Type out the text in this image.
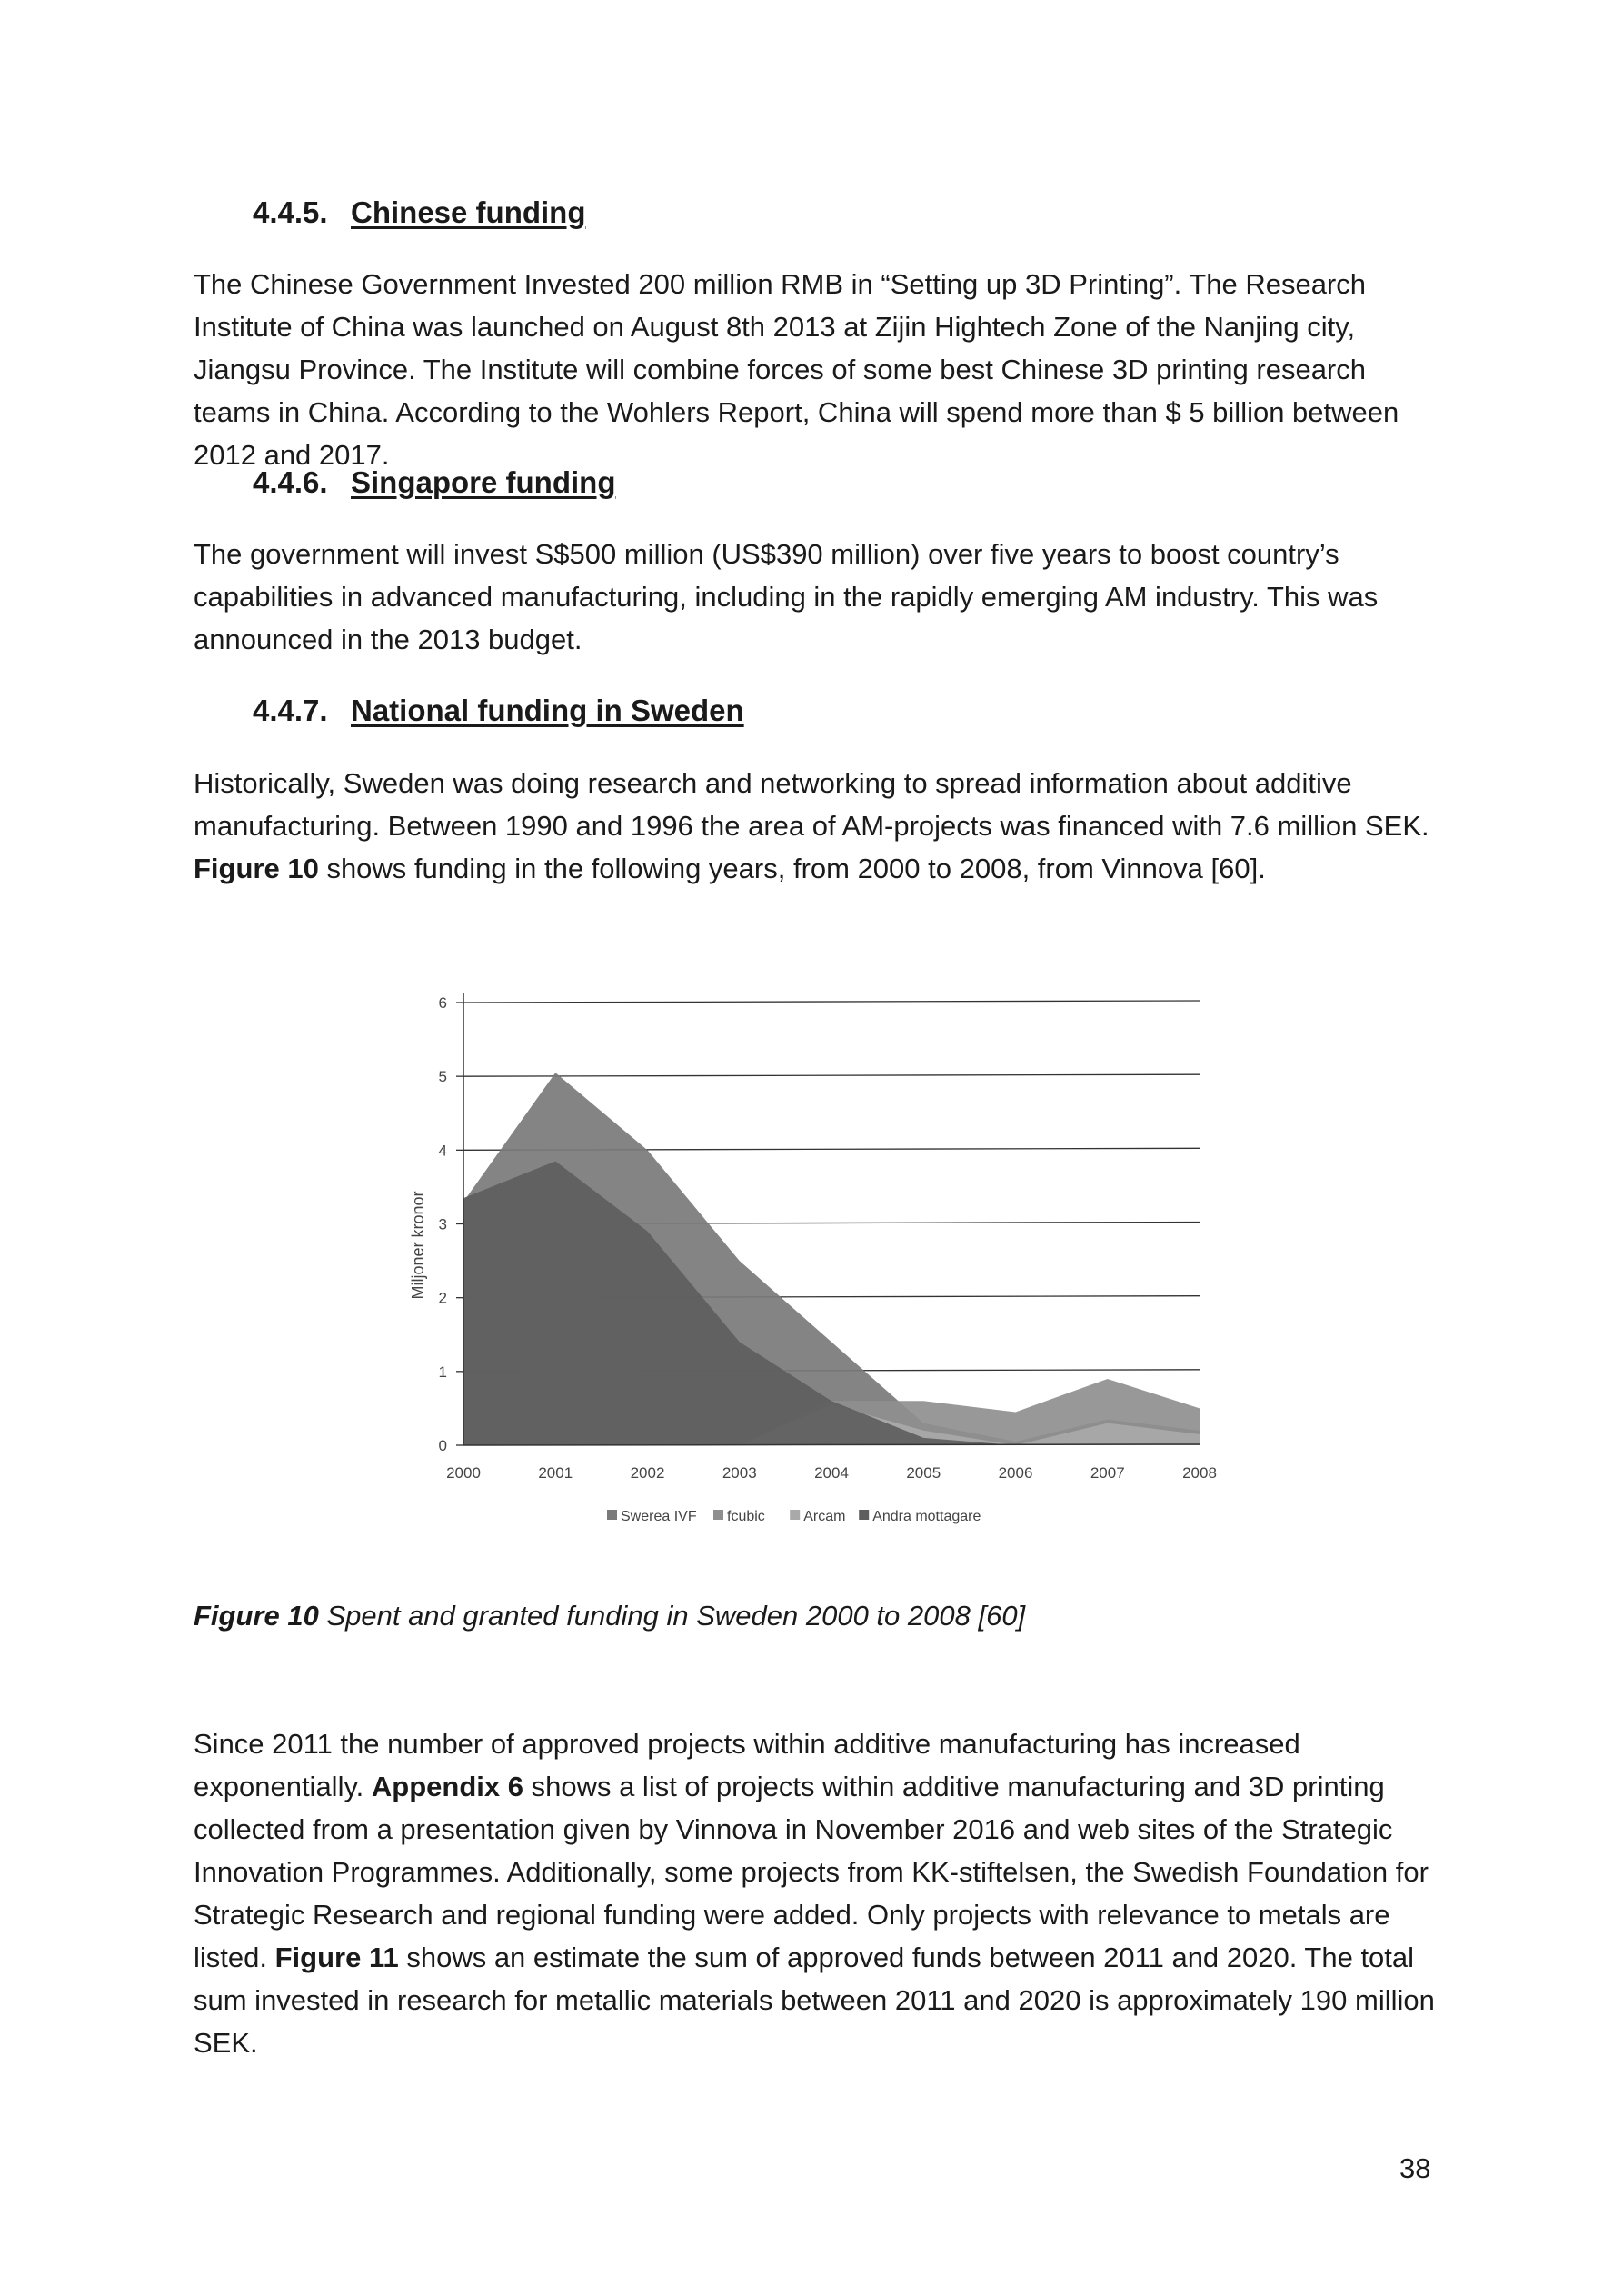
4.4.5. Chinese funding

The Chinese Government Invested 200 million RMB in “Setting up 3D Printing”. The Research Institute of China was launched on August 8th 2013 at Zijin Hightech Zone of the Nanjing city, Jiangsu Province. The Institute will combine forces of some best Chinese 3D printing research teams in China. According to the Wohlers Report, China will spend more than $ 5 billion between 2012 and 2017.

4.4.6. Singapore funding

The government will invest S$500 million (US$390 million) over five years to boost country’s capabilities in advanced manufacturing, including in the rapidly emerging AM industry. This was announced in the 2013 budget.

4.4.7. National funding in Sweden

Historically, Sweden was doing research and networking to spread information about additive manufacturing. Between 1990 and 1996 the area of AM-projects was financed with 7.6 million SEK. Figure 10 shows funding in the following years, from 2000 to 2008, from Vinnova [60].

0
1
2
3
4
5
6
2000	2001	2002	2003	2004	2005	2006	2007	2008
Miljoner kronor
Swerea IVF fcubic	Arcam Andra mottagare
Figure 10 Spent and granted funding in Sweden 2000 to 2008 [60]

Since 2011 the number of approved projects within additive manufacturing has increased exponentially. Appendix 6 shows a list of projects within additive manufacturing and 3D printing collected from a presentation given by Vinnova in November 2016 and web sites of the Strategic Innovation Programmes. Additionally, some projects from KK-stiftelsen, the Swedish Foundation for Strategic Research and regional funding were added. Only projects with relevance to metals are listed. Figure 11 shows an estimate the sum of approved funds between 2011 and 2020. The total sum invested in research for metallic materials between 2011 and 2020 is approximately 190 million SEK.

38
